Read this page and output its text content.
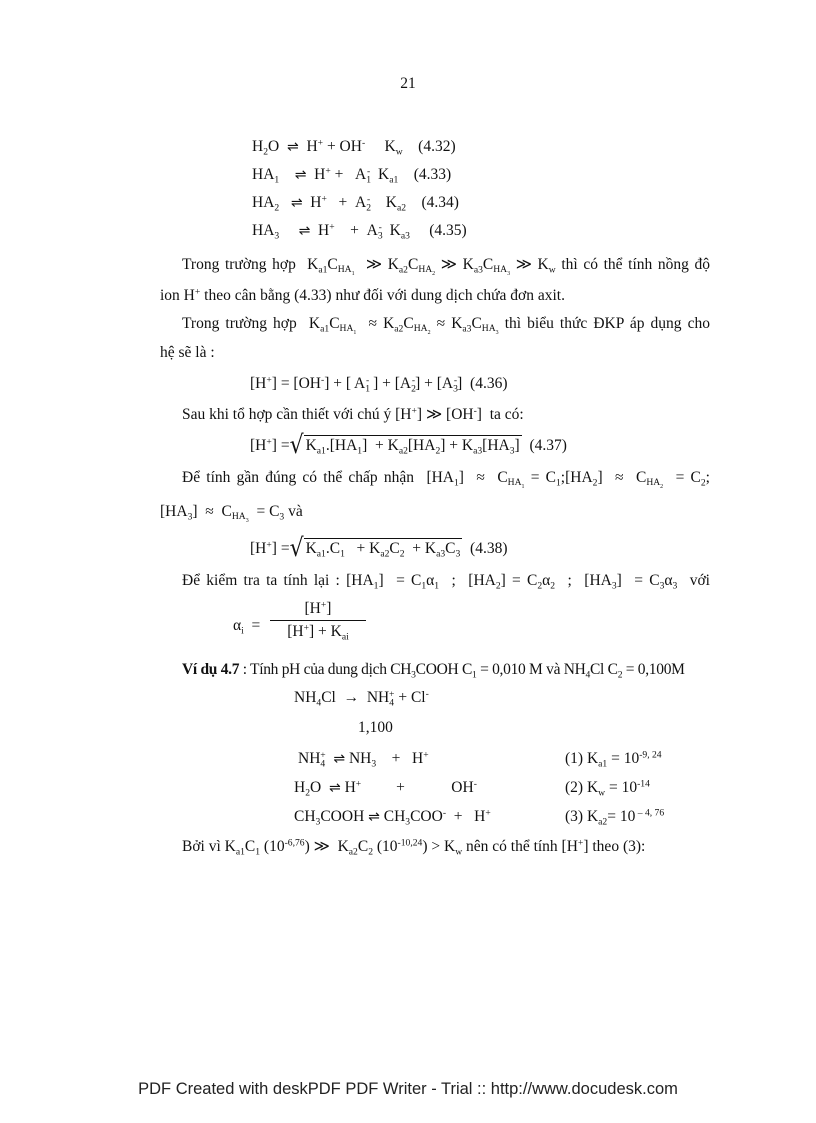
21
$H_2O$  ⇌  H+ + OH-     $K_w$ (4.32)
$HA_1$ ⇌  $H^+ + A_1^-$  $K_{a1}$ (4.33)
$HA_2$ ⇌  $H^+ + A_2^-$    $K_{a2}$ (4.34)
$HA_3$ ⇌  H+    +  $A_3^-$  $K_{a3}$ (4.35)
Trong trường hợp  $K_{a1}C_{HA_1}$  ≫ $K_{a2}C_{HA_2}$ ≫ $K_{a3}C_{HA_3}$ ≫ $K_w$ thì có thể tính nồng độ
ion H+ theo cân bằng (4.33) như đối với dung dịch chứa đơn axit.
Trong trường hợp  $K_{a1}C_{HA_1} \approx K_{a2}C_{HA_2} \approx K_{a3}C_{HA_3}$ thì biểu thức ĐKP áp dụng cho
hệ sẽ là :
[H+] = [OH-] + [ $A_1^-$ ] + $[A_2^-] + [A_3^-]$  (4.36)
Sau khi tổ hợp cần thiết với chú ý [H+] ≫ [OH-]  ta có:
[H+] =√ $K_{a1}.[HA_1] + K_{a2}[HA_2] + K_{a3}[HA_3]$ (4.37)
Để tính gần đúng có thể chấp nhận  $[HA_1] \approx C_{HA_1}$ = $C_1;[HA_2] \approx C_{HA_2} = C_2$;
$[HA_3] \approx C_{HA_3} = C_3$ và
[H+] =√ $K_{a1}.C_1 + K_{a2}C_2 + K_{a3}C_3$ (4.38)
Để kiểm tra ta tính lại : $[HA_1] = C_1\alpha_1$  ;  $[HA_2] = C_2\alpha_2$  ;  $[HA_3] = C_3\alpha_3$ với
$\alpha_i$  =
[H+]
$[H^+] + K_{ai}$
Ví dụ 4.7 : Tính pH của dung dịch $CH_3COOH$ $C_1 = 0,010$ M và $NH_4Cl$ $C_2 = 0,100M$
$NH_4Cl \to NH_4^+ + Cl^-$
1,100
$NH_4^+$ ⇌ $NH_3$    +   H+	(1) $K_{a1} = 10^{-9, 24}$
$H_2O$  ⇌ H+         +            OH-	(2) $K_w = 10^{-14}$
$CH_3COOH$ ⇌ $CH_3COO^- + H^+$	(3) $K_{a2}= 10$ $^{- 4, 76}$
Bởi vì $K_{a1}C_1$ $(10^{-6,76})$ ≫  $K_{a2}C_2$ $(10^{-10,24}) > K_w$ nên có thể tính [H+] theo (3):
PDF Created with deskPDF PDF Writer - Trial :: http://www.docudesk.com
